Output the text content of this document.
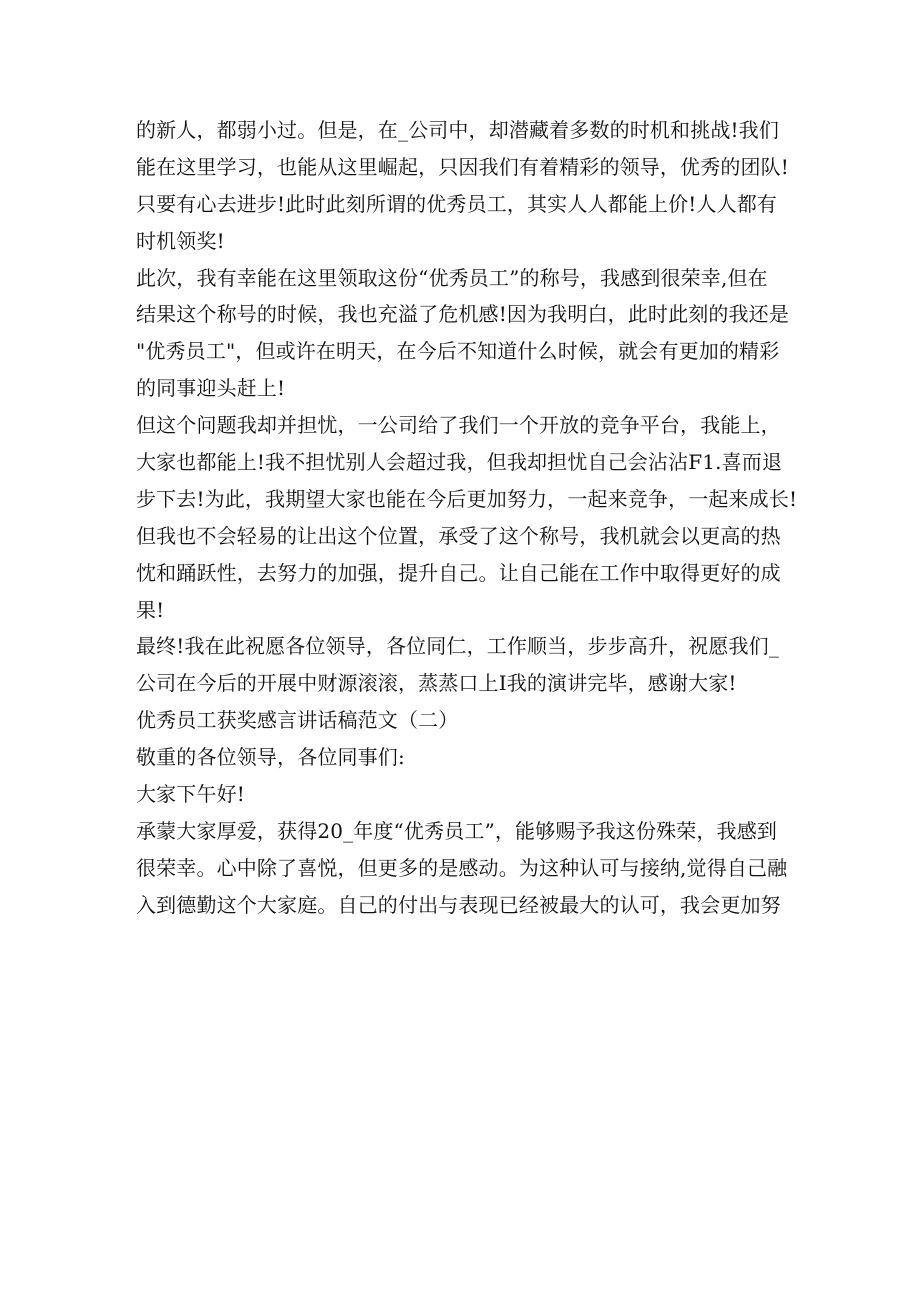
的新人，都弱小过。但是，在_公司中，却潜藏着多数的时机和挑战!我们
能在这里学习，也能从这里崛起，只因我们有着精彩的领导，优秀的团队!
只要有心去进步!此时此刻所谓的优秀员工，其实人人都能上价!人人都有
时机领奖!
此次，我有幸能在这里领取这份“优秀员工”的称号，我感到很荣幸,但在
结果这个称号的时候，我也充溢了危机感!因为我明白，此时此刻的我还是
"优秀员工"，但或许在明天，在今后不知道什么时候，就会有更加的精彩
的同事迎头赶上!
但这个问题我却并担忧，一公司给了我们一个开放的竞争平台，我能上，
大家也都能上!我不担忧别人会超过我，但我却担忧自己会沾沾F1.喜而退
步下去!为此，我期望大家也能在今后更加努力，一起来竞争，一起来成长!
但我也不会轻易的让出这个位置，承受了这个称号，我机就会以更高的热
忱和踊跃性，去努力的加强，提升自己。让自己能在工作中取得更好的成
果!
最终!我在此祝愿各位领导，各位同仁，工作顺当，步步高升，祝愿我们_
公司在今后的开展中财源滚滚，蒸蒸口上I我的演讲完毕，感谢大家!
优秀员工获奖感言讲话稿范文（二）
敬重的各位领导，各位同事们:
大家下午好!
承蒙大家厚爱，获得20_年度“优秀员工”，能够赐予我这份殊荣，我感到
很荣幸。心中除了喜悦，但更多的是感动。为这种认可与接纳,觉得自己融
入到德勤这个大家庭。自己的付出与表现已经被最大的认可，我会更加努
